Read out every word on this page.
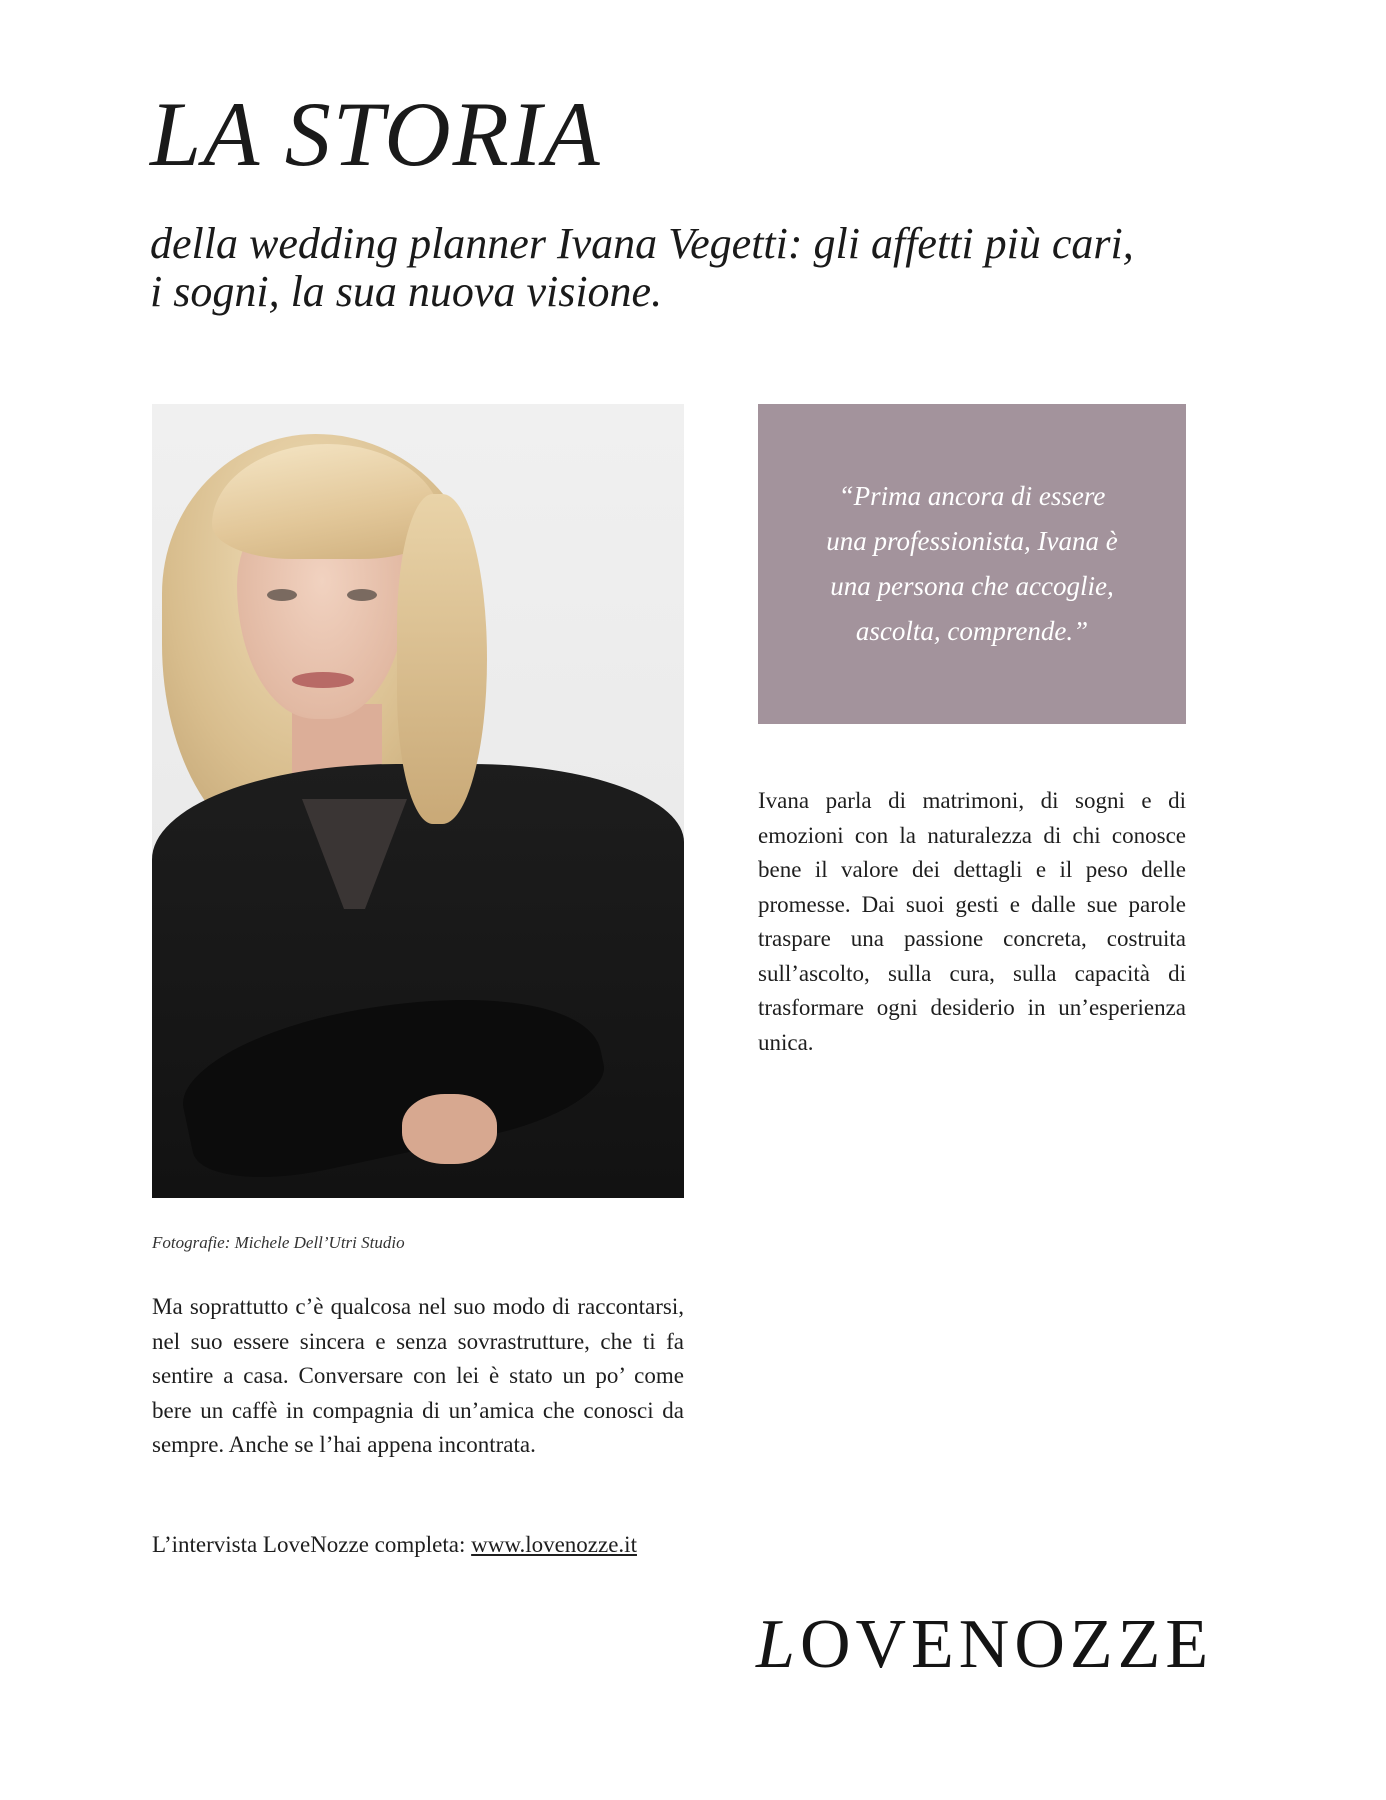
LA STORIA
della wedding planner Ivana Vegetti: gli affetti più cari,
i sogni, la sua nuova visione.

“Prima ancora di essere
una professionista, Ivana è
una persona che accoglie,
ascolta, comprende.”

Ivana parla di matrimoni, di sogni e di emozioni con la naturalezza di chi conosce bene il valore dei dettagli e il peso delle promesse. Dai suoi gesti e dalle sue parole traspare una passione concreta, costruita sull’ascolto, sulla cura, sulla capacità di trasformare ogni desiderio in un’esperienza unica.

Fotografie: Michele Dell’Utri Studio

Ma soprattutto c’è qualcosa nel suo modo di raccontarsi, nel suo essere sincera e senza sovrastrutture, che ti fa sentire a casa. Conversare con lei è stato un po’ come bere un caffè in compagnia di un’amica che conosci da sempre. Anche se l’hai appena incontrata.

L’intervista LoveNozze completa: www.lovenozze.it

LOVENOZZE
